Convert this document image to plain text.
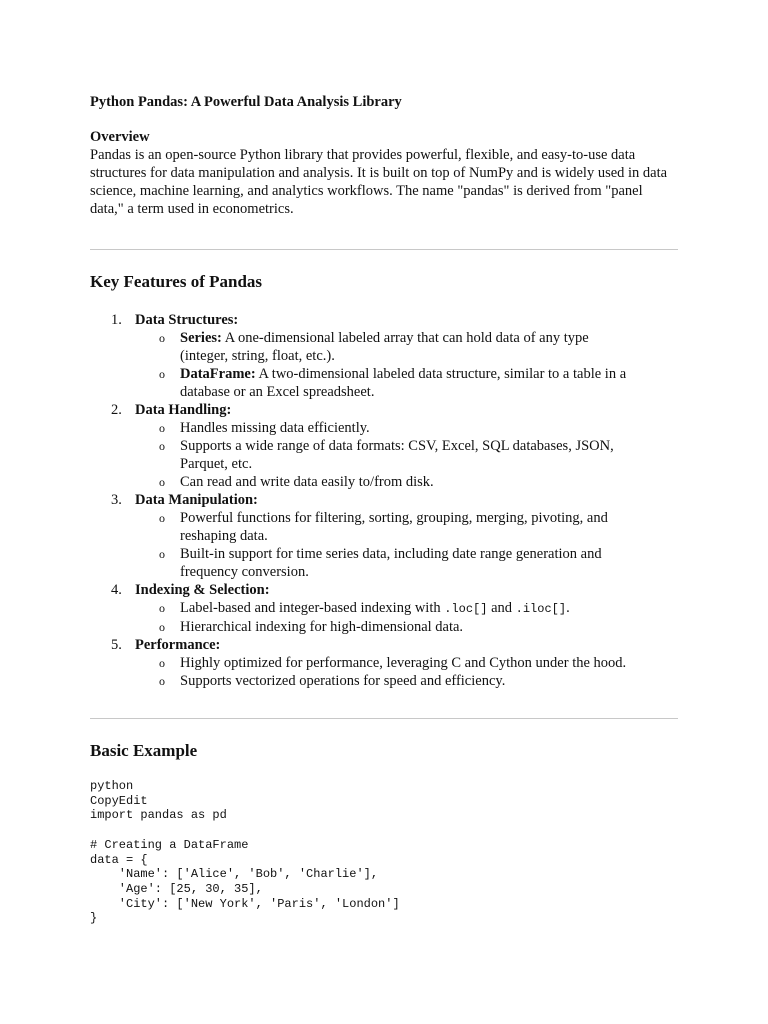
Python Pandas: A Powerful Data Analysis Library

Overview

Pandas is an open-source Python library that provides powerful, flexible, and easy-to-use data structures for data manipulation and analysis. It is built on top of NumPy and is widely used in data science, machine learning, and analytics workflows. The name "pandas" is derived from "panel data," a term used in econometrics.

Key Features of Pandas
1. Data Structures:
o Series: A one-dimensional labeled array that can hold data of any type (integer, string, float, etc.).
o DataFrame: A two-dimensional labeled data structure, similar to a table in a database or an Excel spreadsheet.
2. Data Handling:
o Handles missing data efficiently.
o Supports a wide range of data formats: CSV, Excel, SQL databases, JSON, Parquet, etc.
o Can read and write data easily to/from disk.
3. Data Manipulation:
o Powerful functions for filtering, sorting, grouping, merging, pivoting, and reshaping data.
o Built-in support for time series data, including date range generation and frequency conversion.
4. Indexing & Selection:
o Label-based and integer-based indexing with .loc[] and .iloc[].
o Hierarchical indexing for high-dimensional data.
5. Performance:
o Highly optimized for performance, leveraging C and Cython under the hood.
o Supports vectorized operations for speed and efficiency.
Basic Example
python
CopyEdit
import pandas as pd

# Creating a DataFrame
data = {
'Name': ['Alice', 'Bob', 'Charlie'],
'Age': [25, 30, 35],
'City': ['New York', 'Paris', 'London']
}
